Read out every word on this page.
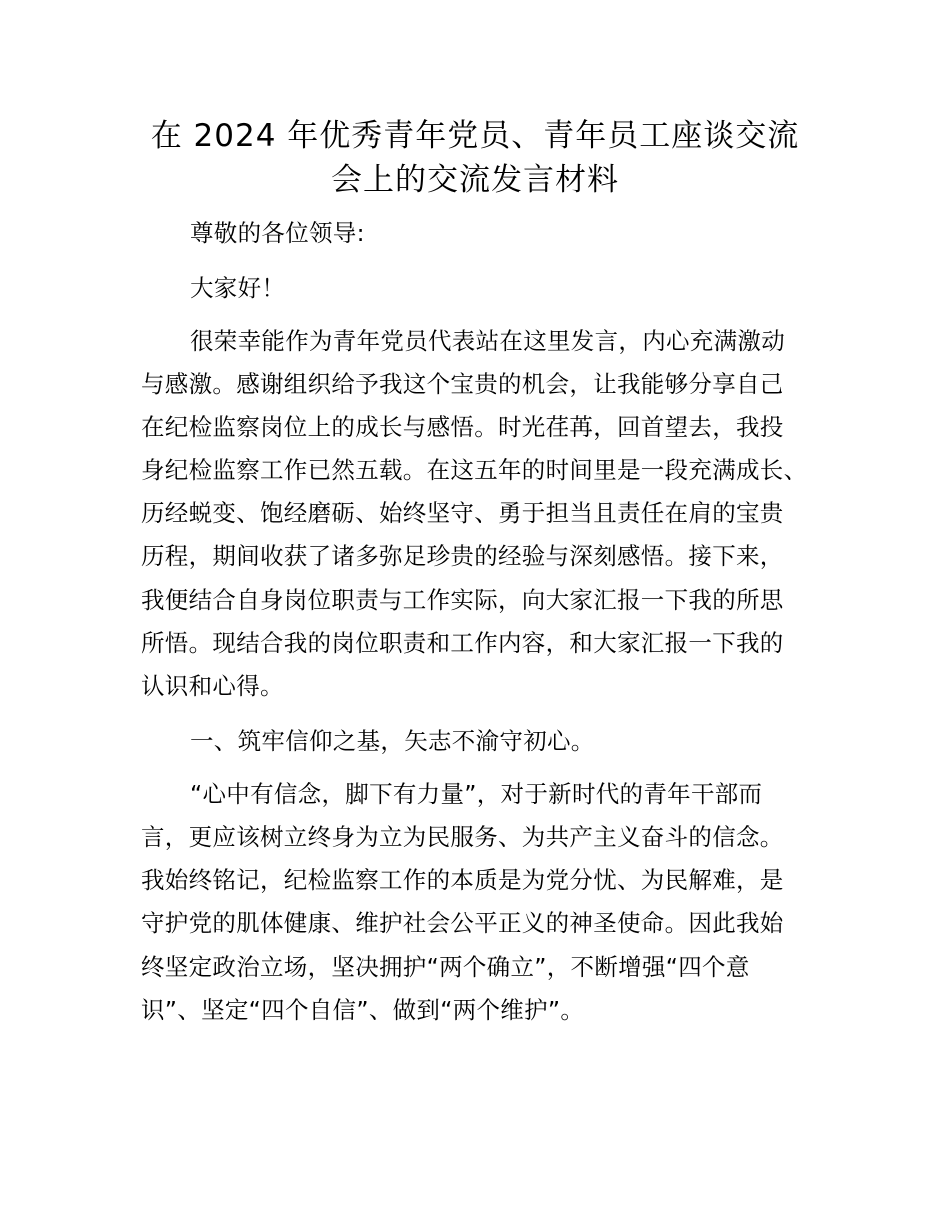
在 2024 年优秀青年党员、青年员工座谈交流
会上的交流发言材料
尊敬的各位领导:
大家好！
很荣幸能作为青年党员代表站在这里发言，内心充满激动
与感激。感谢组织给予我这个宝贵的机会，让我能够分享自己
在纪检监察岗位上的成长与感悟。时光荏苒，回首望去，我投
身纪检监察工作已然五载。在这五年的时间里是一段充满成长、
历经蜕变、饱经磨砺、始终坚守、勇于担当且责任在肩的宝贵
历程，期间收获了诸多弥足珍贵的经验与深刻感悟。接下来，
我便结合自身岗位职责与工作实际，向大家汇报一下我的所思
所悟。现结合我的岗位职责和工作内容，和大家汇报一下我的
认识和心得。
一、筑牢信仰之基，矢志不渝守初心。
“心中有信念，脚下有力量”，对于新时代的青年干部而
言，更应该树立终身为立为民服务、为共产主义奋斗的信念。
我始终铭记，纪检监察工作的本质是为党分忧、为民解难，是
守护党的肌体健康、维护社会公平正义的神圣使命。因此我始
终坚定政治立场，坚决拥护“两个确立”，不断增强“四个意
识”、坚定“四个自信”、做到“两个维护”。
